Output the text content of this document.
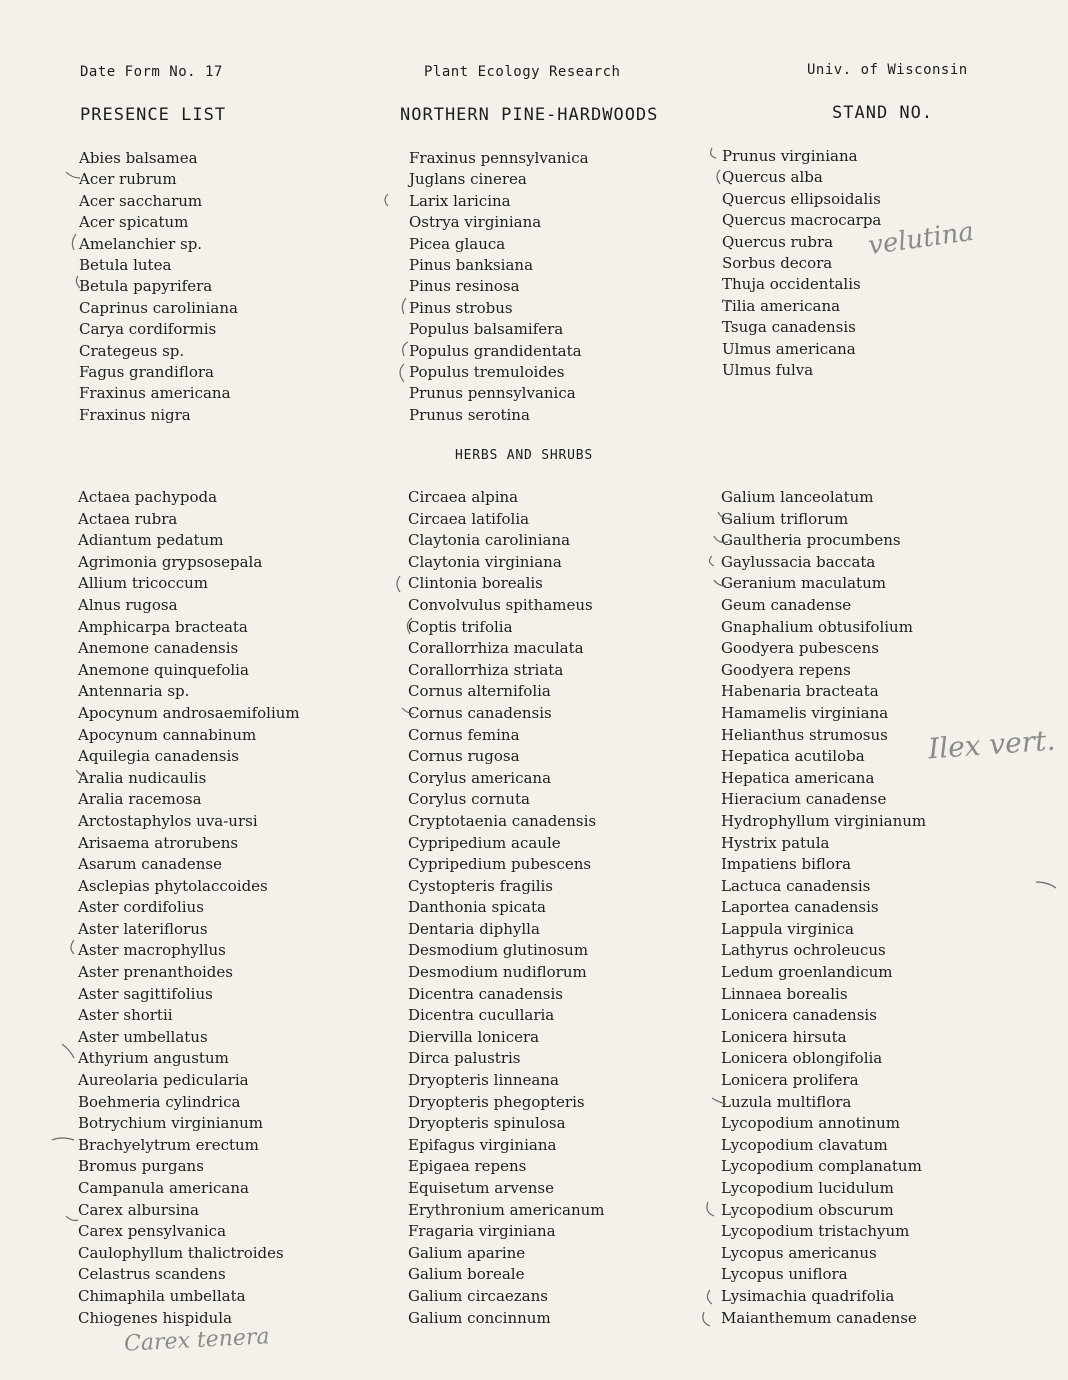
Date Form No. 17	Plant Ecology Research	Univ. of Wisconsin
PRESENCE LIST	NORTHERN PINE-HARDWOODS	STAND NO.
Abies balsamea
Acer rubrum
Acer saccharum
Acer spicatum
Amelanchier sp.
Betula lutea
Betula papyrifera
Caprinus caroliniana
Carya cordiformis
Crategeus sp.
Fagus grandiflora
Fraxinus americana
Fraxinus nigra
Fraxinus pennsylvanica
Juglans cinerea
Larix laricina
Ostrya virginiana
Picea glauca
Pinus banksiana
Pinus resinosa
Pinus strobus
Populus balsamifera
Populus grandidentata
Populus tremuloides
Prunus pennsylvanica
Prunus serotina
Prunus virginiana
Quercus alba
Quercus ellipsoidalis
Quercus macrocarpa
Quercus rubra
Sorbus decora
Thuja occidentalis
Tilia americana
Tsuga canadensis
Ulmus americana
Ulmus fulva
HERBS AND SHRUBS
Actaea pachypoda
Actaea rubra
Adiantum pedatum
Agrimonia grypsosepala
Allium tricoccum
Alnus rugosa
Amphicarpa bracteata
Anemone canadensis
Anemone quinquefolia
Antennaria sp.
Apocynum androsaemifolium
Apocynum cannabinum
Aquilegia canadensis
Aralia nudicaulis
Aralia racemosa
Arctostaphylos uva-ursi
Arisaema atrorubens
Asarum canadense
Asclepias phytolaccoides
Aster cordifolius
Aster lateriflorus
Aster macrophyllus
Aster prenanthoides
Aster sagittifolius
Aster shortii
Aster umbellatus
Athyrium angustum
Aureolaria pedicularia
Boehmeria cylindrica
Botrychium virginianum
Brachyelytrum erectum
Bromus purgans
Campanula americana
Carex albursina
Carex pensylvanica
Caulophyllum thalictroides
Celastrus scandens
Chimaphila umbellata
Chiogenes hispidula
Circaea alpina
Circaea latifolia
Claytonia caroliniana
Claytonia virginiana
Clintonia borealis
Convolvulus spithameus
Coptis trifolia
Corallorrhiza maculata
Corallorrhiza striata
Cornus alternifolia
Cornus canadensis
Cornus femina
Cornus rugosa
Corylus americana
Corylus cornuta
Cryptotaenia canadensis
Cypripedium acaule
Cypripedium pubescens
Cystopteris fragilis
Danthonia spicata
Dentaria diphylla
Desmodium glutinosum
Desmodium nudiflorum
Dicentra canadensis
Dicentra cucullaria
Diervilla lonicera
Dirca palustris
Dryopteris linneana
Dryopteris phegopteris
Dryopteris spinulosa
Epifagus virginiana
Epigaea repens
Equisetum arvense
Erythronium americanum
Fragaria virginiana
Galium aparine
Galium boreale
Galium circaezans
Galium concinnum
Galium lanceolatum
Galium triflorum
Gaultheria procumbens
Gaylussacia baccata
Geranium maculatum
Geum canadense
Gnaphalium obtusifolium
Goodyera pubescens
Goodyera repens
Habenaria bracteata
Hamamelis virginiana
Helianthus strumosus
Hepatica acutiloba
Hepatica americana
Hieracium canadense
Hydrophyllum virginianum
Hystrix patula
Impatiens biflora
Lactuca canadensis
Laportea canadensis
Lappula virginica
Lathyrus ochroleucus
Ledum groenlandicum
Linnaea borealis
Lonicera canadensis
Lonicera hirsuta
Lonicera oblongifolia
Lonicera prolifera
Luzula multiflora
Lycopodium annotinum
Lycopodium clavatum
Lycopodium complanatum
Lycopodium lucidulum
Lycopodium obscurum
Lycopodium tristachyum
Lycopus americanus
Lycopus uniflora
Lysimachia quadrifolia
Maianthemum canadense
velutina
Ilex vert.
Carex tenera
